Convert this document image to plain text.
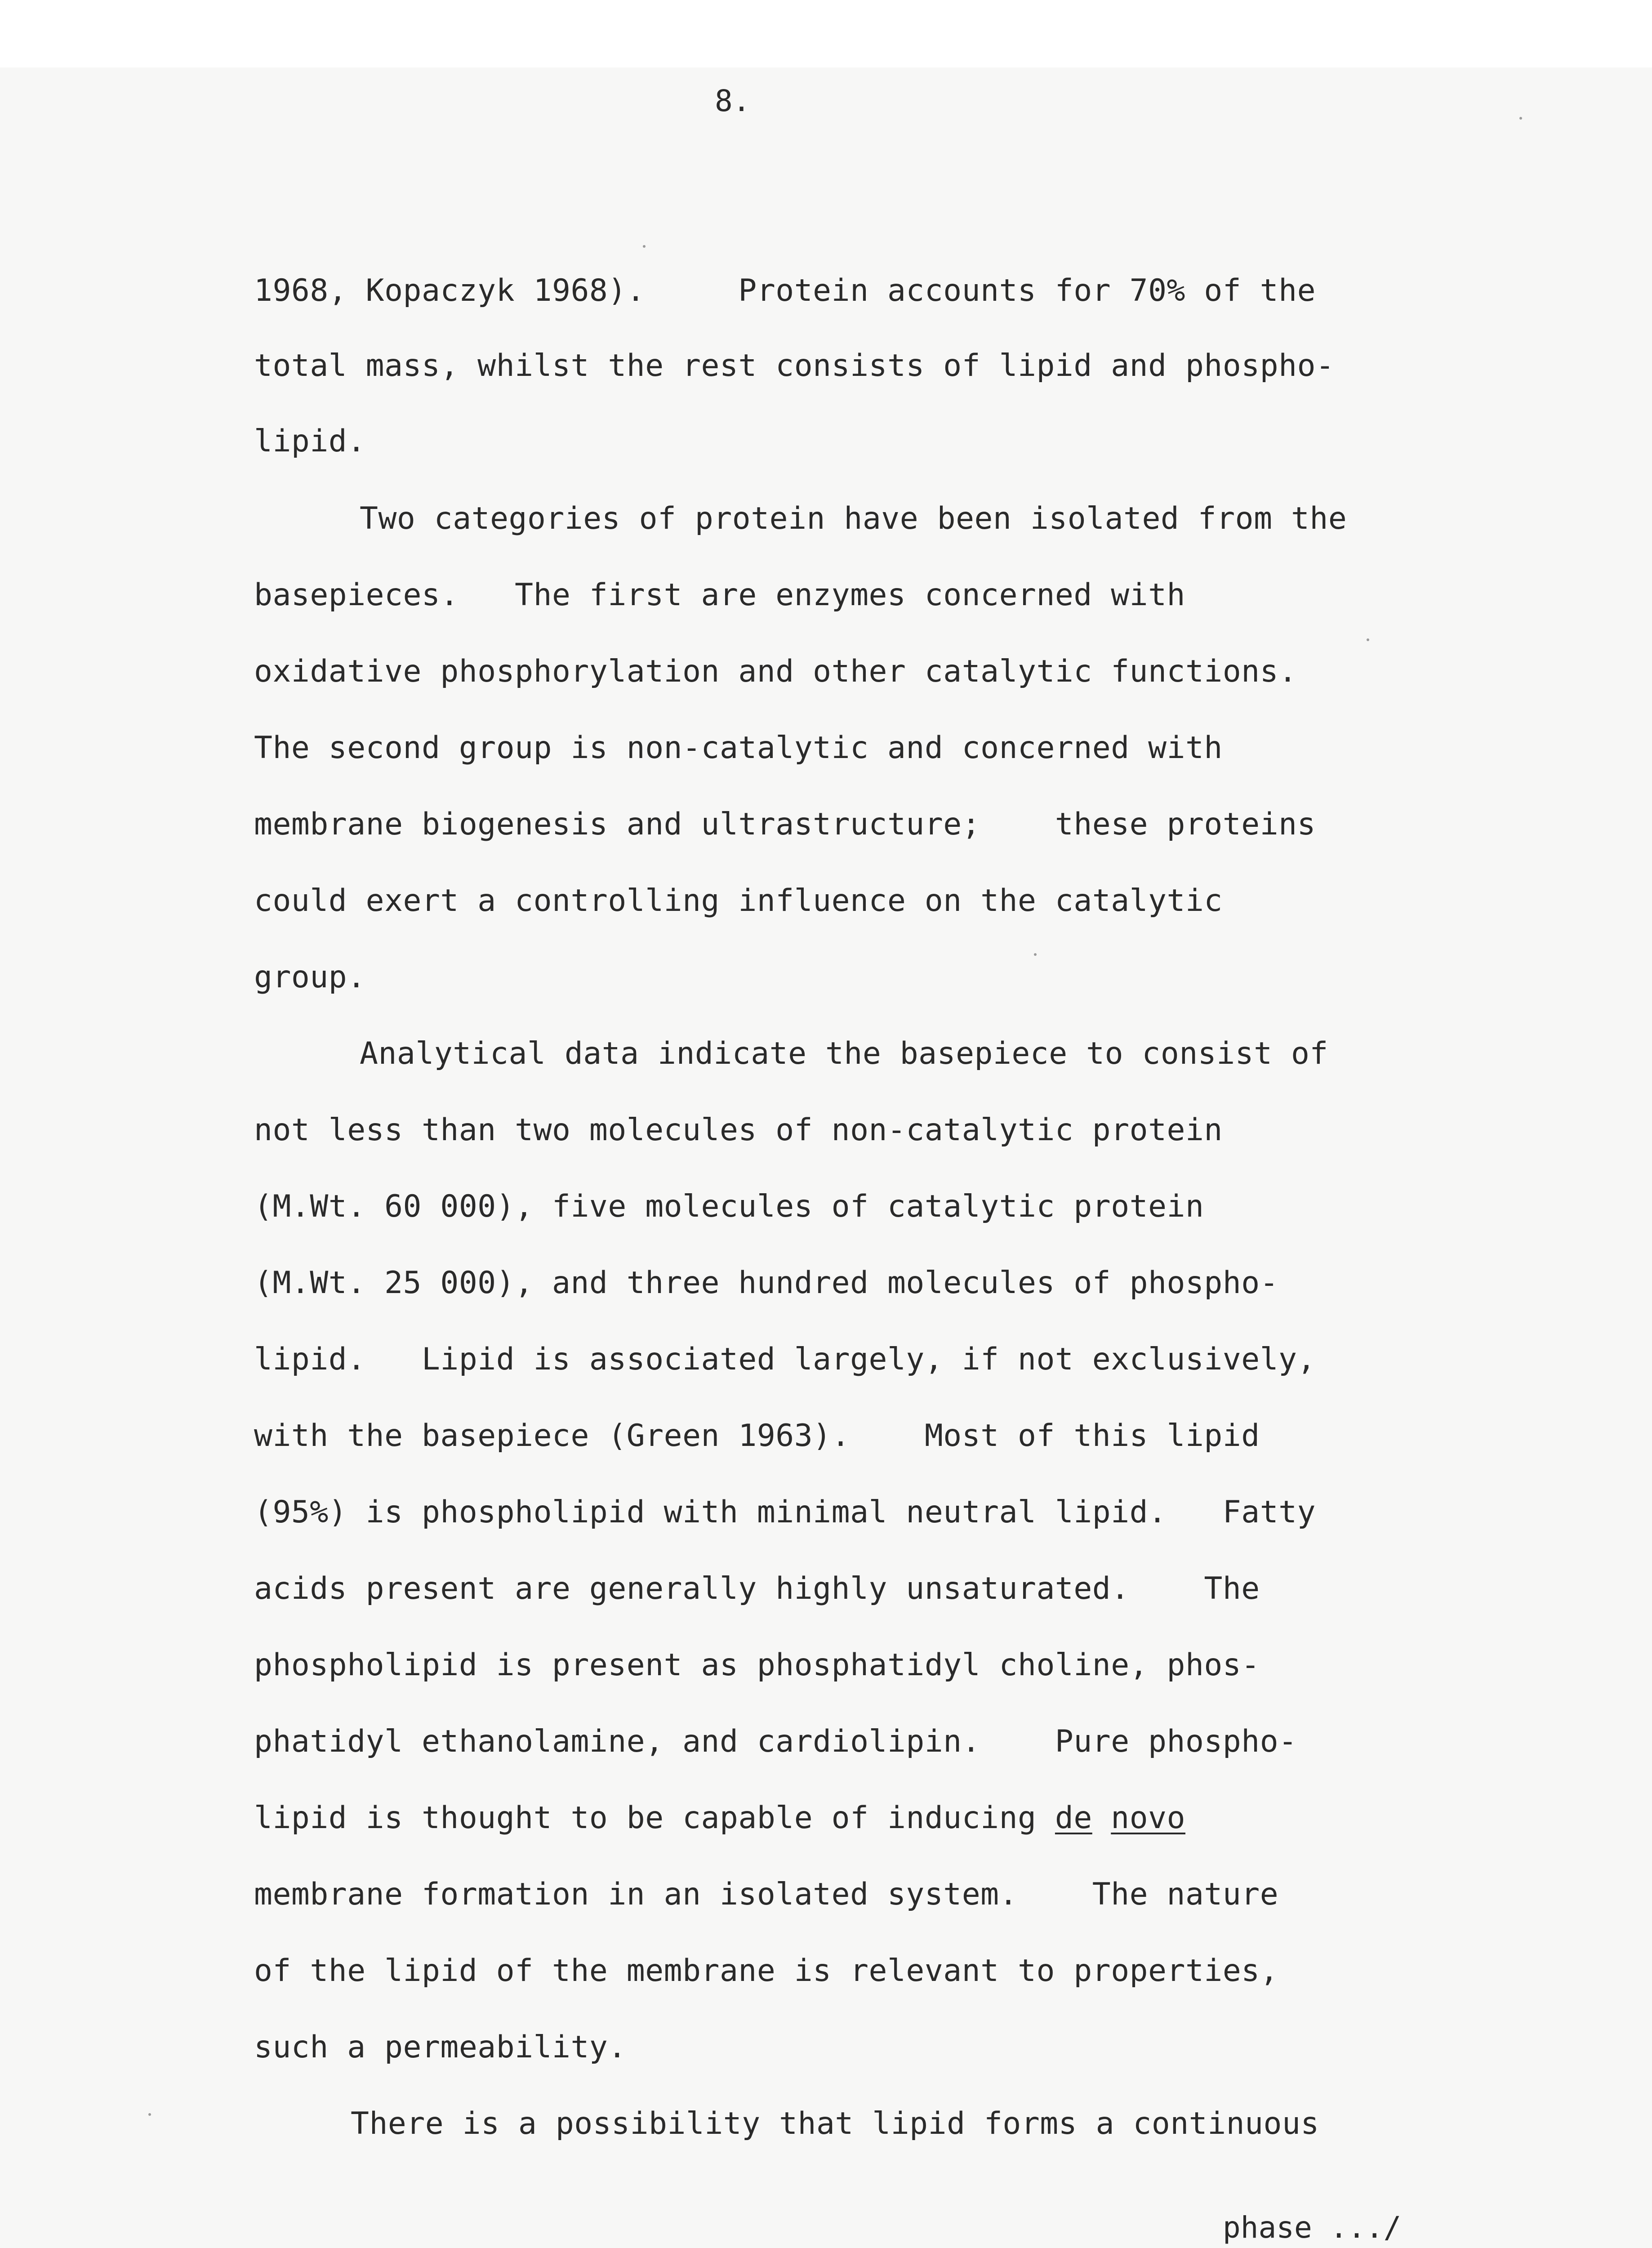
8.
1968, Kopaczyk 1968).     Protein accounts for 70% of the
total mass, whilst the rest consists of lipid and phospho-
lipid.
Two categories of protein have been isolated from the
basepieces.   The first are enzymes concerned with
oxidative phosphorylation and other catalytic functions.
The second group is non-catalytic and concerned with
membrane biogenesis and ultrastructure;    these proteins
could exert a controlling influence on the catalytic
group.
Analytical data indicate the basepiece to consist of
not less than two molecules of non-catalytic protein
(M.Wt. 60 000), five molecules of catalytic protein
(M.Wt. 25 000), and three hundred molecules of phospho-
lipid.   Lipid is associated largely, if not exclusively,
with the basepiece (Green 1963).    Most of this lipid
(95%) is phospholipid with minimal neutral lipid.   Fatty
acids present are generally highly unsaturated.    The
phospholipid is present as phosphatidyl choline, phos-
phatidyl ethanolamine, and cardiolipin.    Pure phospho-
lipid is thought to be capable of inducing de novo
membrane formation in an isolated system.    The nature
of the lipid of the membrane is relevant to properties,
such a permeability.
There is a possibility that lipid forms a continuous
phase .../
